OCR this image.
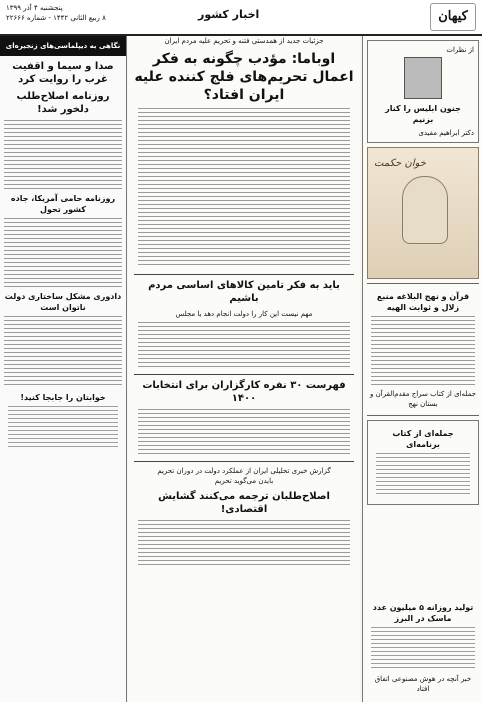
کیهان
اخبار کشور
پنجشنبه ۴ آذر ۱۳۹۹
۸ ربیع الثانی ۱۴۴۲ - شماره ۲۲۶۶۶
از نظرات
جنون ابلیس را کنار بزنیم
دکتر ابراهیم مفیدی
خوان حکمت
قرآن و نهج البلاغه منبع زلال و ثوابت الهیه
جمله‌ای از کتاب سراج مقدم‌القرآن و بستان نهج
جمله‌ای از کتاب برنامه‌ای
تولید روزانه ۵ میلیون عدد ماسک در البرز
خبر آنچه در هوش مصنوعی اتفاق افتاد
جزئیات جدید از همدستی فتنه و تحریم علیه مردم ایران
اوباما: مؤدب چگونه به فکر اعمال تحریم‌های فلج کننده علیه ایران افتاد؟
باید به فکر تامین کالاهای اساسی مردم باشیم
مهم نیست این کار را دولت انجام دهد یا مجلس
فهرست ۳۰ نفره کارگزاران برای انتخابات ۱۴۰۰
گزارش خبری تحلیلی ایران از عملکرد دولت در دوران تحریم
بایدن می‌گوید تحریم
اصلاح‌طلبان ترجمه می‌کنند گشایش اقتصادی!
نگاهی به دیپلماسی‌های زنجیره‌ای
صدا و سیما و اقفیت غرب را روایت کرد
روزنامه اصلاح‌طلب دلخور شد!
روزنامه حامی آمریکا، جاده کشور تحول
دادوری مشکل ساختاری دولت ناتوان است
خوابتان را جابجا کنید!
